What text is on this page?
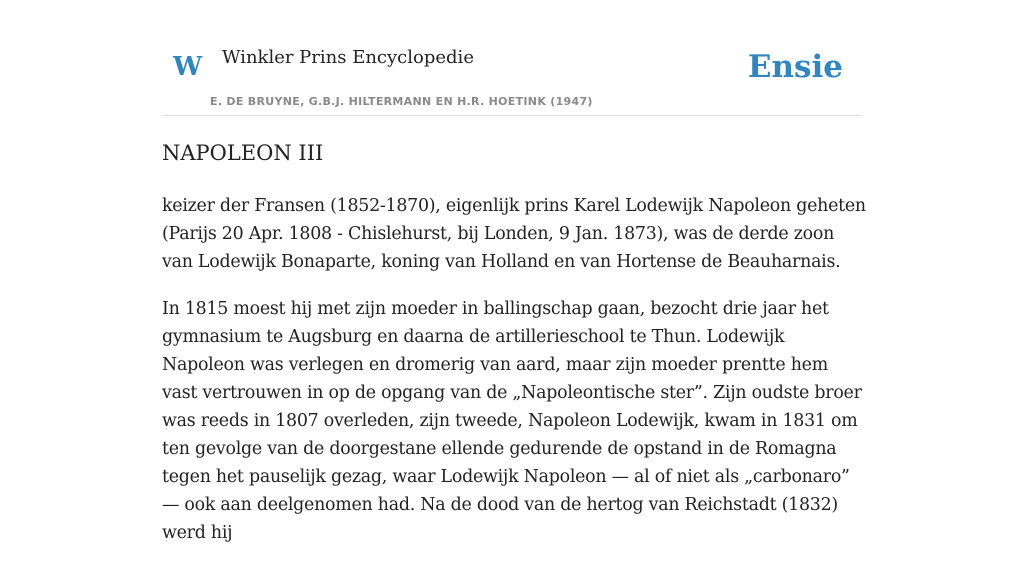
W Winkler Prins Encyclopedie
E. DE BRUYNE, G.B.J. HILTERMANN EN H.R. HOETINK (1947)
Ensie
NAPOLEON III

keizer der Fransen (1852-1870), eigenlijk prins Karel Lodewijk Napoleon geheten (Parijs 20 Apr. 1808 - Chislehurst, bij Londen, 9 Jan. 1873), was de derde zoon van Lodewijk Bonaparte, koning van Holland en van Hortense de Beauharnais.

In 1815 moest hij met zijn moeder in ballingschap gaan, bezocht drie jaar het gymnasium te Augsburg en daarna de artillerieschool te Thun. Lodewijk Napoleon was verlegen en dromerig van aard, maar zijn moeder prentte hem vast vertrouwen in op de opgang van de „Napoleontische ster”. Zijn oudste broer was reeds in 1807 overleden, zijn tweede, Napoleon Lodewijk, kwam in 1831 om ten gevolge van de doorgestane ellende gedurende de opstand in de Romagna tegen het pauselijk gezag, waar Lodewijk Napoleon — al of niet als „carbonaro” — ook aan deelgenomen had. Na de dood van de hertog van Reichstadt (1832) werd hij
